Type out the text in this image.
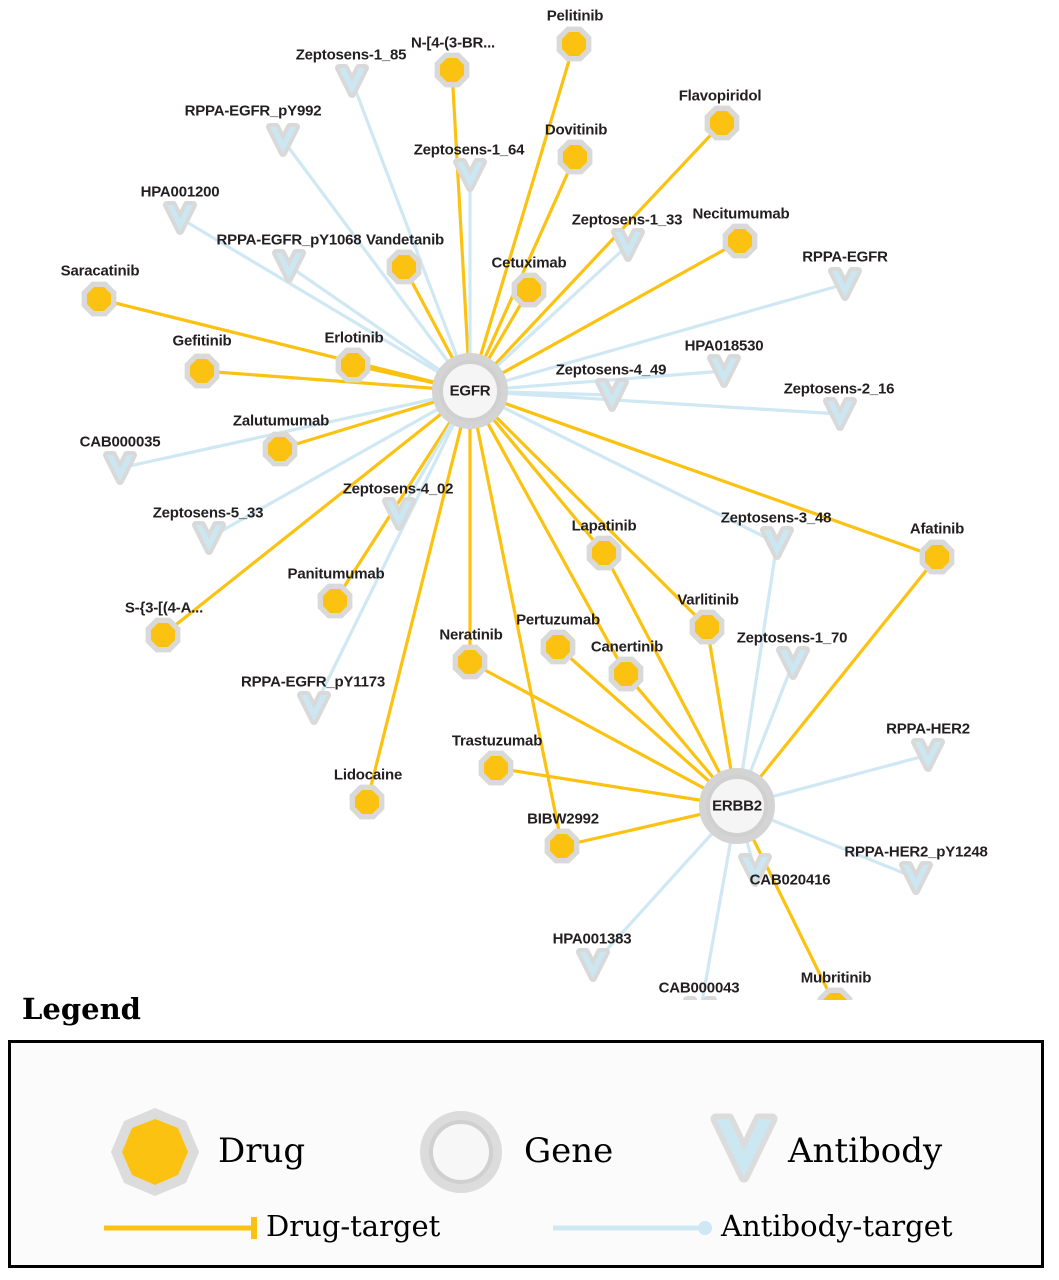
Zeptosens-1_85
RPPA-EGFR_pY992
Zeptosens-1_64
HPA001200
Zeptosens-1_33
RPPA-EGFR_pY1068
RPPA-EGFR
HPA018530
Zeptosens-4_49
Zeptosens-2_16
CAB000035
Zeptosens-4_02
Zeptosens-5_33	Zeptosens-3_48
Zeptosens-1_70
RPPA-EGFR_pY1173
RPPA-HER2
RPPA-HER2_pY1248
CAB020416
HPA001383
CAB000043
Pelitinib
N-[4-(3-BR...
Flavopiridol
Dovitinib
Necitumumab
Vandetanib
Cetuximab
Saracatinib
Erlotinib
Gefitinib
Zalutumumab
Lapatinib	Afatinib
Panitumumab
Varlitinib
S-{3-[(4-A...
Pertuzumab
Neratinib
Canertinib
Trastuzumab
Lidocaine
BIBW2992
Mubritinib
EGFR
ERBB2
Legend
Drug	Gene	Antibody
Drug-target	Antibody-target
